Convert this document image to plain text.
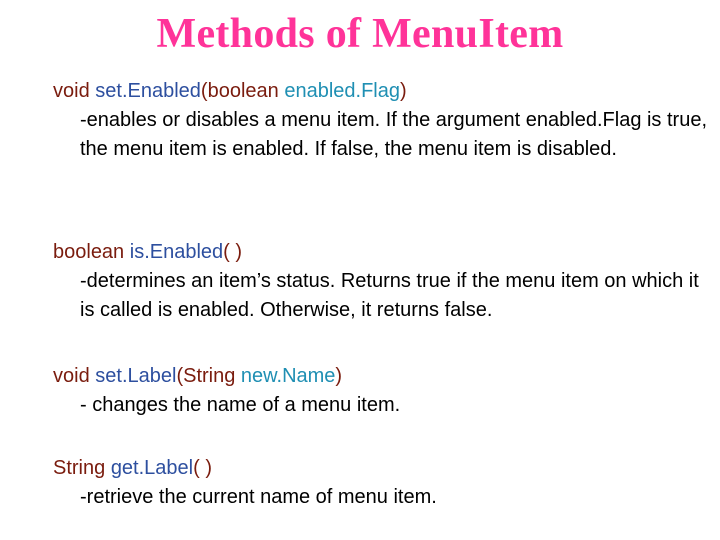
Methods of MenuItem
void set.Enabled(boolean enabled.Flag)
-enables or disables a menu item. If the argument enabled.Flag is true, the menu item is enabled. If false, the menu item is disabled.
boolean is.Enabled( )
-determines an item’s status. Returns true if the menu item on which it is called is enabled. Otherwise, it returns false.
void set.Label(String new.Name)
- changes the name of a menu item.
String get.Label( )
-retrieve the current name of menu item.
